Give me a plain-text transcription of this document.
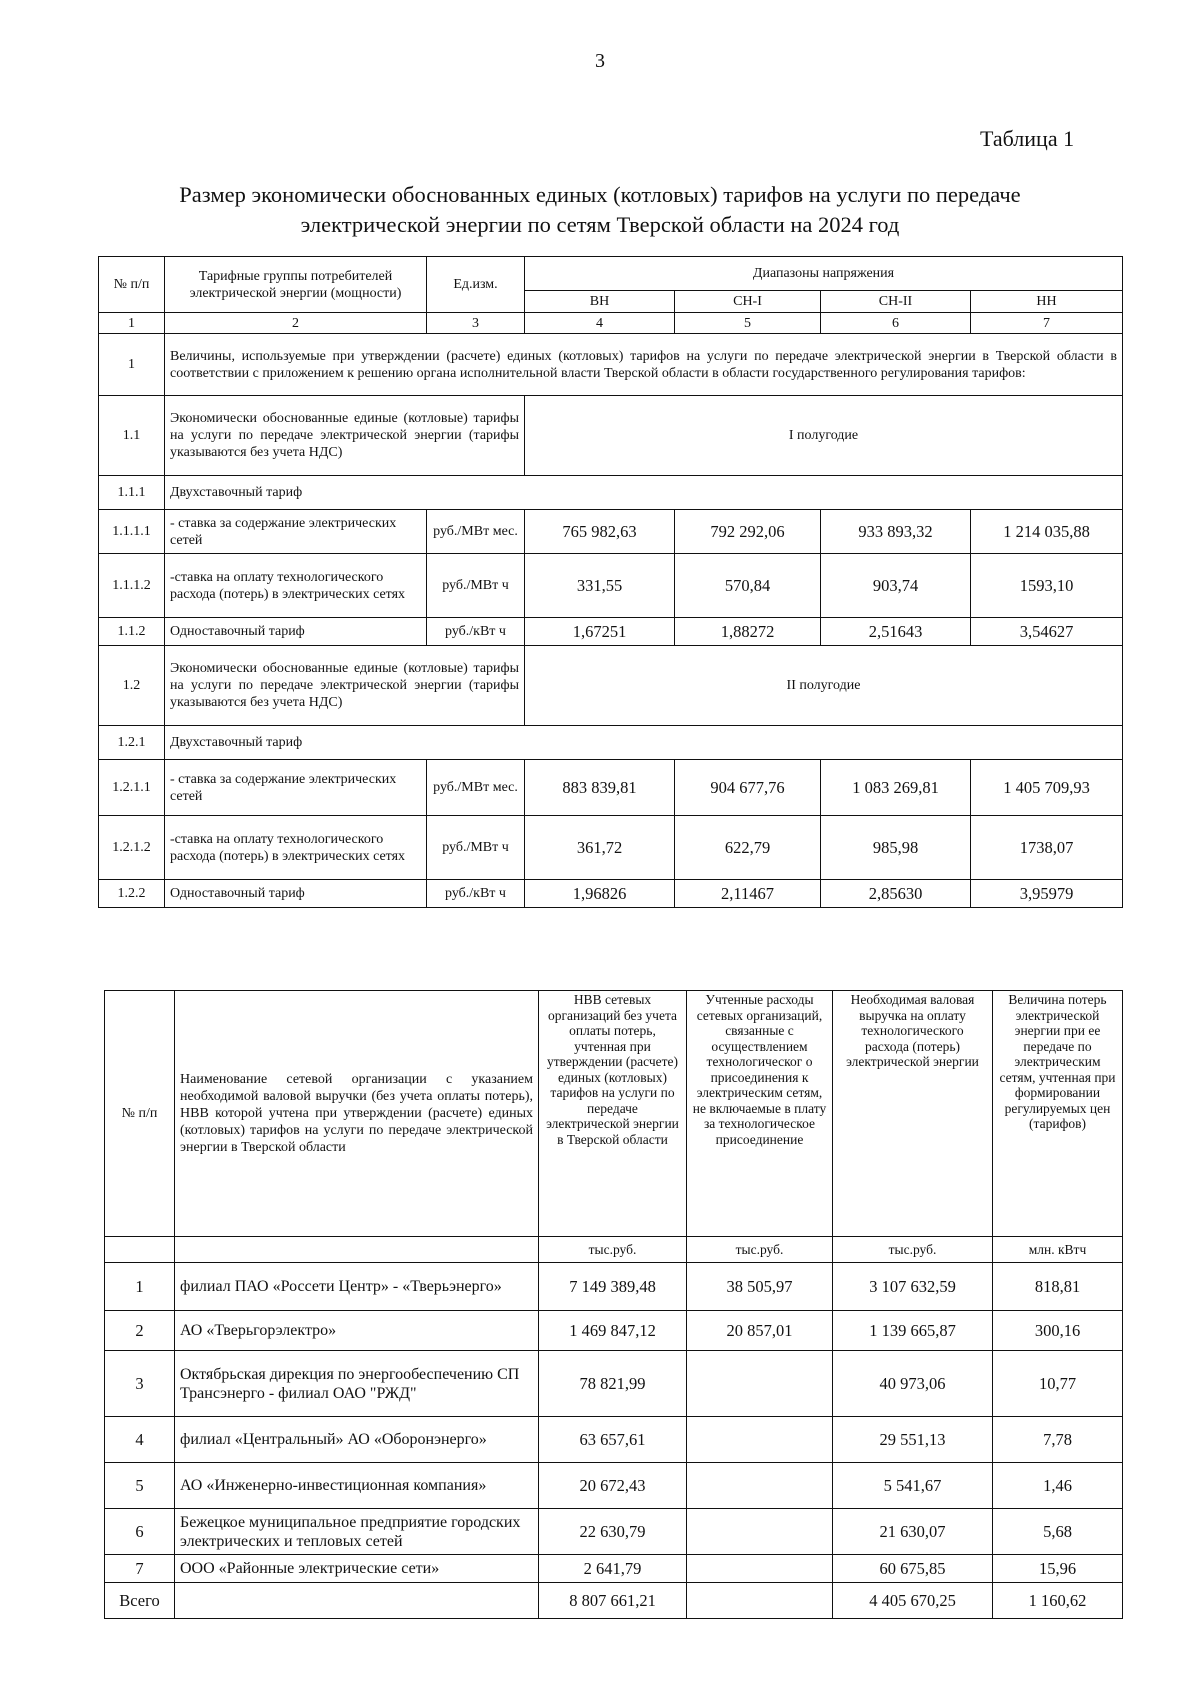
3
Таблица 1
Размер экономически обоснованных единых (котловых) тарифов на услуги по передаче
электрической энергии по сетям Тверской области на 2024 год
№ п/п	Тарифные группы потребителей электрической энергии (мощности)	Ед.изм.	Диапазоны напряжения			
			ВН	СН-I	СН-II	НН
1	2	3	4	5	6	7
1	Величины, используемые при утверждении (расчете) единых (котловых) тарифов на услуги по передаче электрической энергии в Тверской области в соответствии с приложением к решению органа исполнительной власти Тверской области в области государственного регулирования тарифов:					
1.1	Экономически обоснованные единые (котловые) тарифы на услуги по передаче электрической энергии (тарифы указываются без учета НДС)		I полугодие			
1.1.1	Двухставочный тариф					
1.1.1.1	- ставка за содержание электрических сетей	руб./МВт мес.	765 982,63	792 292,06	933 893,32	1 214 035,88
1.1.1.2	-ставка на оплату технологического расхода (потерь) в электрических сетях	руб./МВт ч	331,55	570,84	903,74	1593,10
1.1.2	Одноставочный тариф	руб./кВт ч	1,67251	1,88272	2,51643	3,54627
1.2	Экономически обоснованные единые (котловые) тарифы на услуги по передаче электрической энергии (тарифы указываются без учета НДС)		II полугодие			
1.2.1	Двухставочный тариф					
1.2.1.1	- ставка за содержание электрических сетей	руб./МВт мес.	883 839,81	904 677,76	1 083 269,81	1 405 709,93
1.2.1.2	-ставка на оплату технологического расхода (потерь) в электрических сетях	руб./МВт ч	361,72	622,79	985,98	1738,07
1.2.2	Одноставочный тариф	руб./кВт ч	1,96826	2,11467	2,85630	3,95979
№ п/п	Наименование сетевой организации с указанием необходимой валовой выручки (без учета оплаты потерь), НВВ которой учтена при утверждении (расчете) единых (котловых) тарифов на услуги по передаче электрической энергии в Тверской области	НВВ сетевых организаций без учета оплаты потерь, учтенная при утверждении (расчете) единых (котловых) тарифов на услуги по передаче электрической энергии в Тверской области	Учтенные расходы сетевых организаций, связанные с осуществлением технологическог о присоединения к электрическим сетям, не включаемые в плату за технологическое присоединение	Необходимая валовая выручка на оплату технологического расхода (потерь) электрической энергии	Величина потерь электрической энергии при ее передаче по электрическим сетям, учтенная при формировании регулируемых цен (тарифов)
		тыс.руб.	тыс.руб.	тыс.руб.	млн. кВтч
1	филиал ПАО «Россети Центр» - «Тверьэнерго»	7 149 389,48	38 505,97	3 107 632,59	818,81
2	АО «Тверьгорэлектро»	1 469 847,12	20 857,01	1 139 665,87	300,16
3	Октябрьская дирекция по энергообеспечению СП Трансэнерго - филиал ОАО "РЖД"	78 821,99		40 973,06	10,77
4	филиал «Центральный» АО «Оборонэнерго»	63 657,61		29 551,13	7,78
5	АО «Инженерно-инвестиционная компания»	20 672,43		5 541,67	1,46
6	Бежецкое муниципальное предприятие городских электрических и тепловых сетей	22 630,79		21 630,07	5,68
7	ООО «Районные электрические сети»	2 641,79		60 675,85	15,96
Всего		8 807 661,21		4 405 670,25	1 160,62
